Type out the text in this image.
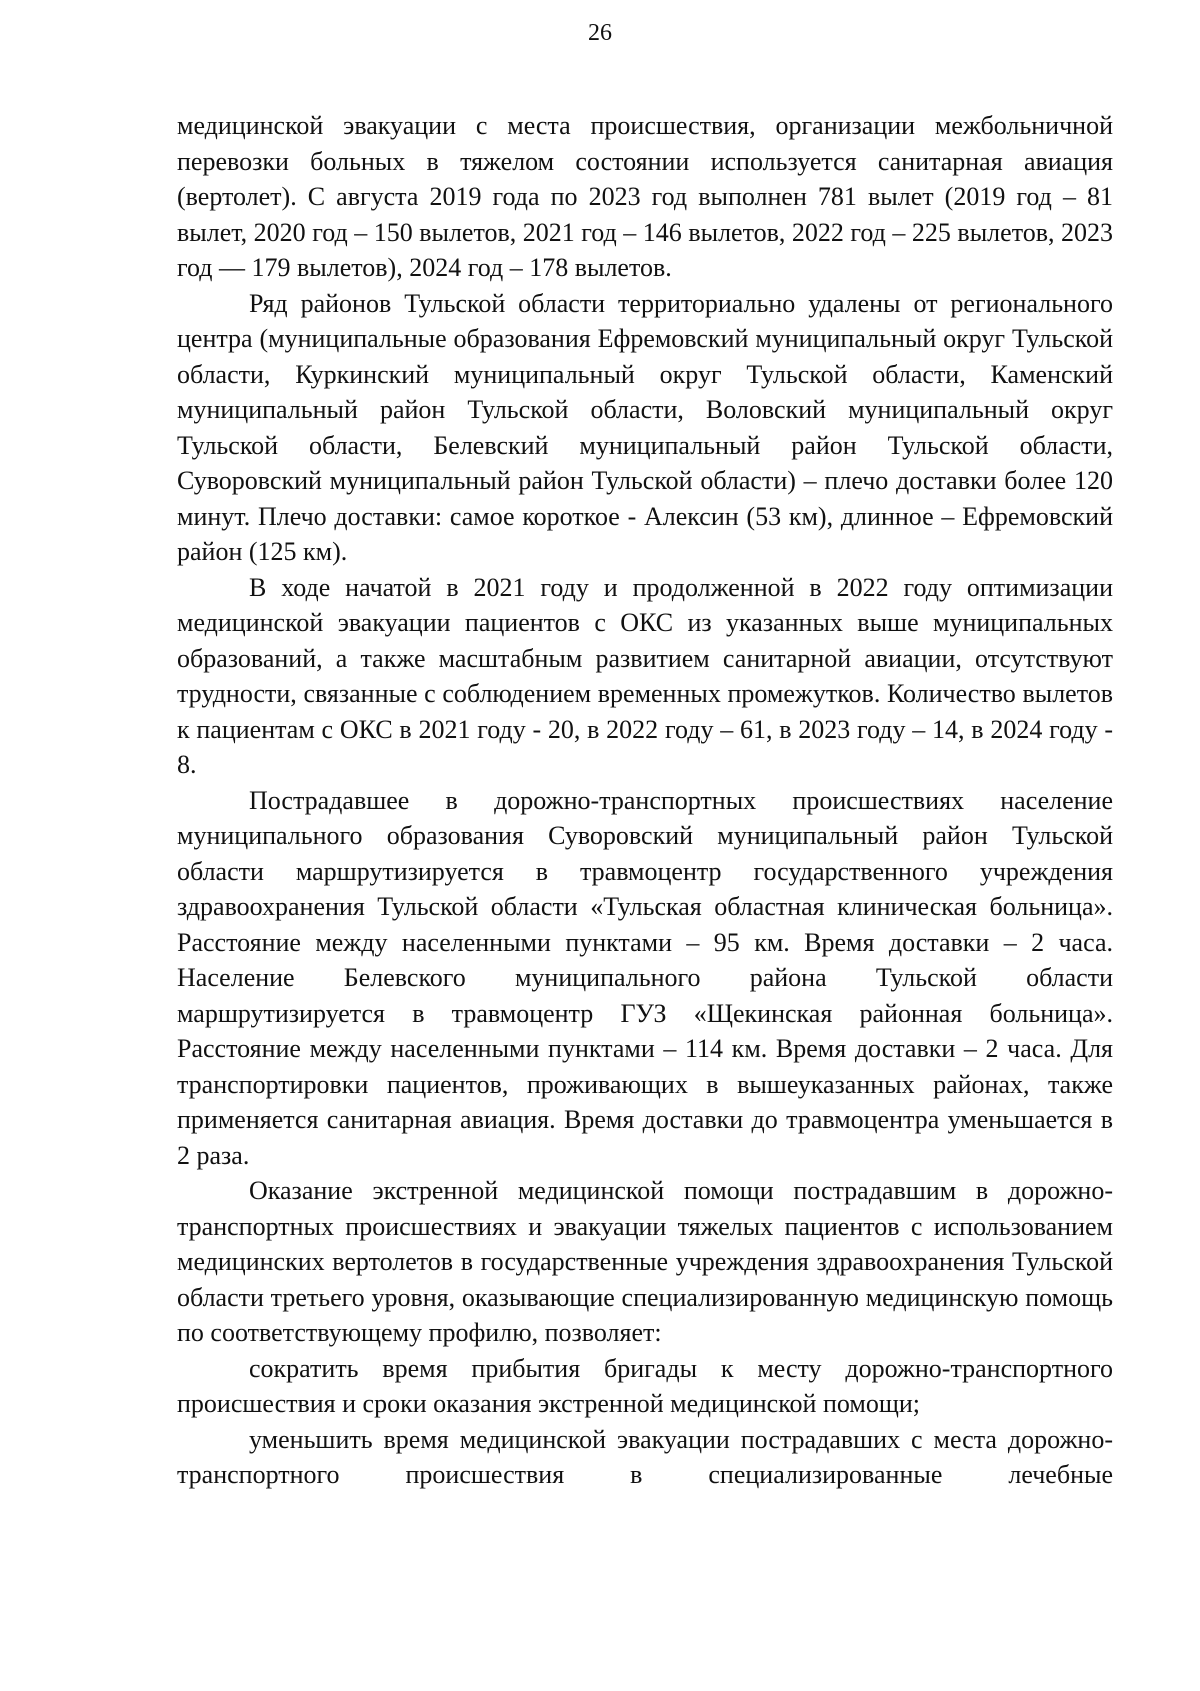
26

медицинской эвакуации с места происшествия, организации межбольничной перевозки больных в тяжелом состоянии используется санитарная авиация (вертолет). С августа 2019 года по 2023 год выполнен 781 вылет (2019 год – 81 вылет, 2020 год – 150 вылетов, 2021 год – 146 вылетов, 2022 год – 225 вылетов, 2023 год — 179 вылетов), 2024 год – 178 вылетов.

Ряд районов Тульской области территориально удалены от регионального центра (муниципальные образования Ефремовский муниципальный округ Тульской области, Куркинский муниципальный округ Тульской области, Каменский муниципальный район Тульской области, Воловский муниципальный округ Тульской области, Белевский муниципальный район Тульской области, Суворовский муниципальный район Тульской области) – плечо доставки более 120 минут. Плечо доставки: самое короткое - Алексин (53 км), длинное – Ефремовский район (125 км).

В ходе начатой в 2021 году и продолженной в 2022 году оптимизации медицинской эвакуации пациентов с ОКС из указанных выше муниципальных образований, а также масштабным развитием санитарной авиации, отсутствуют трудности, связанные с соблюдением временных промежутков. Количество вылетов к пациентам с ОКС в 2021 году - 20, в 2022 году – 61, в 2023 году – 14, в 2024 году - 8.

Пострадавшее в дорожно-транспортных происшествиях население муниципального образования Суворовский муниципальный район Тульской области маршрутизируется в травмоцентр государственного учреждения здравоохранения Тульской области «Тульская областная клиническая больница». Расстояние между населенными пунктами – 95 км. Время доставки – 2 часа. Население Белевского муниципального района Тульской области маршрутизируется в травмоцентр ГУЗ «Щекинская районная больница». Расстояние между населенными пунктами – 114 км. Время доставки – 2 часа. Для транспортировки пациентов, проживающих в вышеуказанных районах, также применяется санитарная авиация. Время доставки до травмоцентра уменьшается в 2 раза.

Оказание экстренной медицинской помощи пострадавшим в дорожно-транспортных происшествиях и эвакуации тяжелых пациентов с использованием медицинских вертолетов в государственные учреждения здравоохранения Тульской области третьего уровня, оказывающие специализированную медицинскую помощь по соответствующему профилю, позволяет:

сократить время прибытия бригады к месту дорожно-транспортного происшествия и сроки оказания экстренной медицинской помощи;

уменьшить время медицинской эвакуации пострадавших с места дорожно-транспортного происшествия в специализированные лечебные
